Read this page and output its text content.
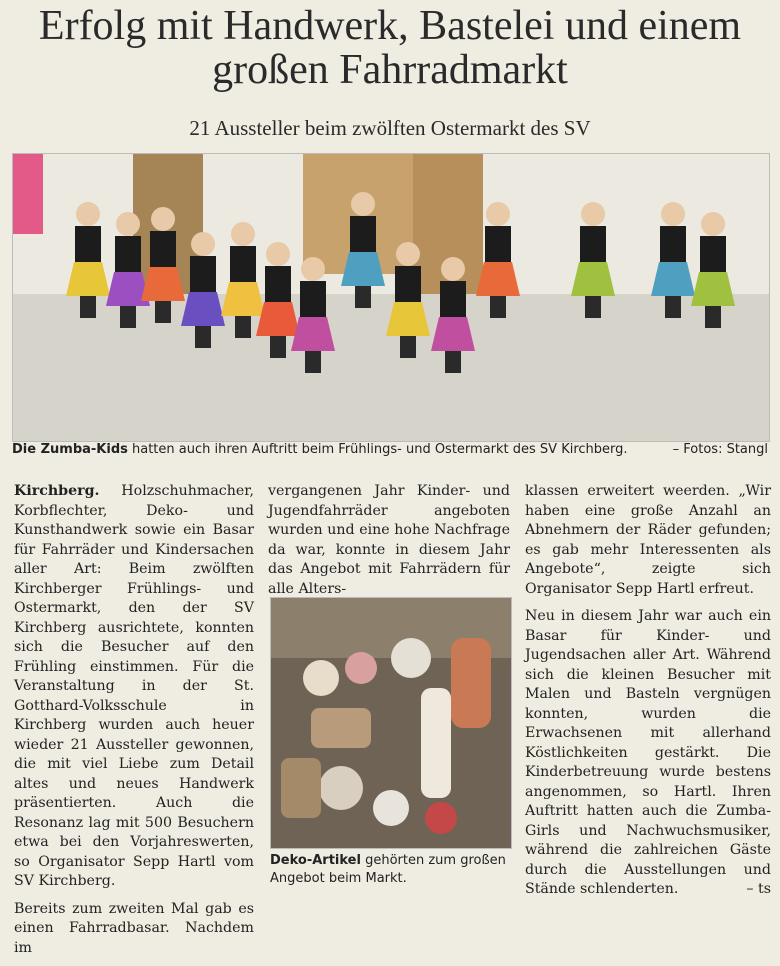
Erfolg mit Handwerk, Bastelei und einem großen Fahrradmarkt
21 Aussteller beim zwölften Ostermarkt des SV
Die Zumba-Kids hatten auch ihren Auftritt beim Frühlings- und Ostermarkt des SV Kirchberg.	– Fotos: Stangl

Kirchberg. Holzschuhmacher, Korbflechter, Deko- und Kunsthandwerk sowie ein Basar für Fahrräder und Kindersachen aller Art: Beim zwölften Kirchberger Frühlings- und Ostermarkt, den der SV Kirchberg ausrichtete, konnten sich die Besucher auf den Frühling einstimmen. Für die Veranstaltung in der St. Gotthard-Volksschule in Kirchberg wurden auch heuer wieder 21 Aussteller gewonnen, die mit viel Liebe zum Detail altes und neues Handwerk präsentierten. Auch die Resonanz lag mit 500 Besuchern etwa bei den Vorjahreswerten, so Organisator Sepp Hartl vom SV Kirchberg.

Bereits zum zweiten Mal gab es einen Fahrradbasar. Nachdem im

vergangenen Jahr Kinder- und Jugendfahrräder angeboten wurden und eine hohe Nachfrage da war, konnte in diesem Jahr das Angebot mit Fahrrädern für alle Alters-

Deko-Artikel gehörten zum großen Angebot beim Markt.

klassen erweitert weerden. „Wir haben eine große Anzahl an Abnehmern der Räder gefunden; es gab mehr Interessenten als Angebote“, zeigte sich Organisator Sepp Hartl erfreut.

Neu in diesem Jahr war auch ein Basar für Kinder- und Jugendsachen aller Art. Während sich die kleinen Besucher mit Malen und Basteln vergnügen konnten, wurden die Erwachsenen mit allerhand Köstlichkeiten gestärkt. Die Kinderbetreuung wurde bestens angenommen, so Hartl. Ihren Auftritt hatten auch die Zumba-Girls und Nachwuchsmusiker, während die zahlreichen Gäste durch die Ausstellungen und Stände schlenderten.	– ts
